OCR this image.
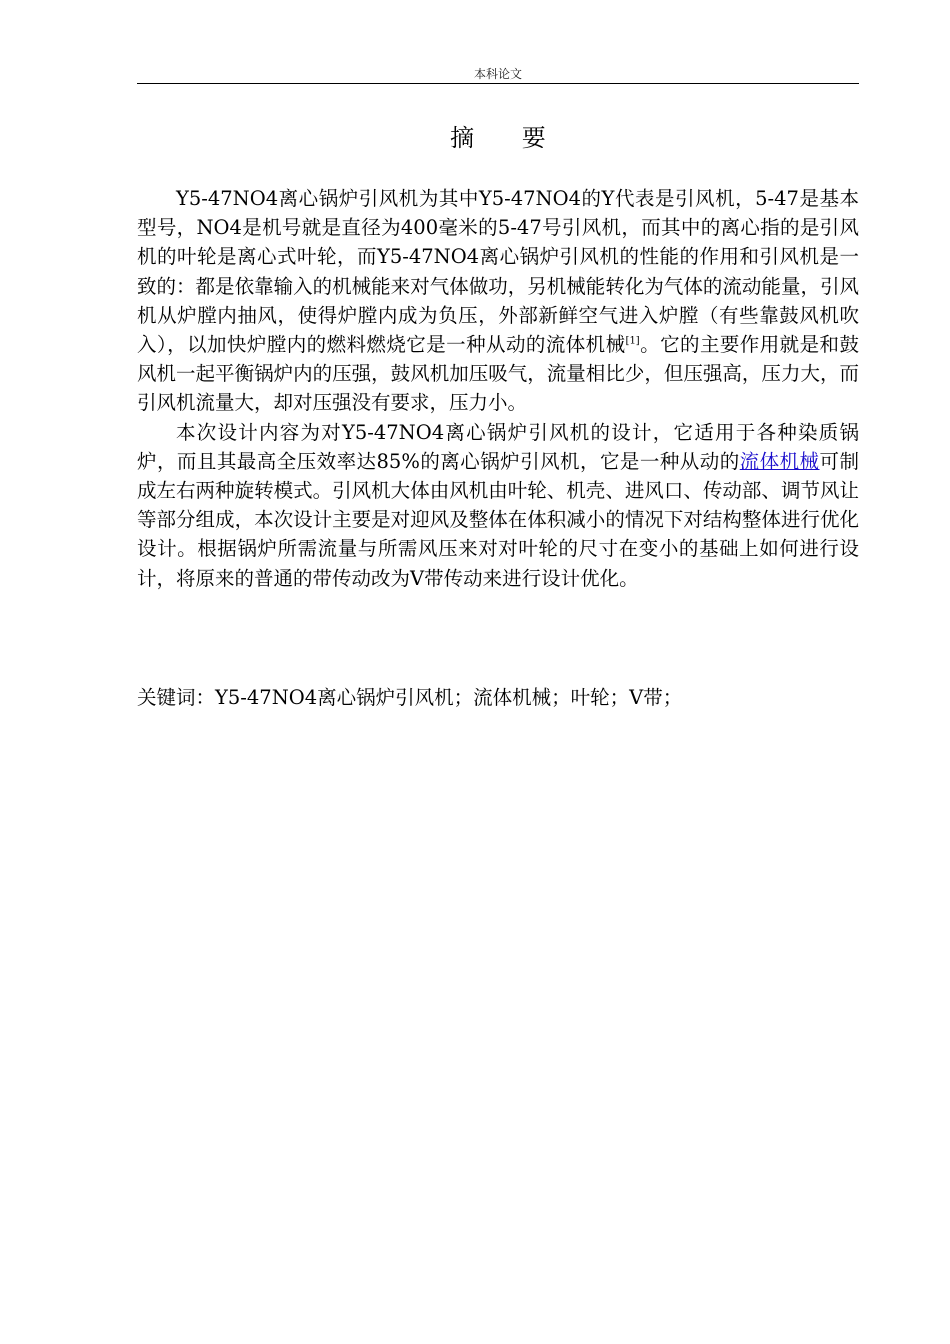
本科论文
摘 要

Y5-47NO4离心锅炉引风机为其中Y5-47NO4的Y代表是引风机，5-47是基本型号，NO4是机号就是直径为400毫米的5-47号引风机，而其中的离心指的是引风机的叶轮是离心式叶轮，而Y5-47NO4离心锅炉引风机的性能的作用和引风机是一致的：都是依靠输入的机械能来对气体做功，另机械能转化为气体的流动能量，引风机从炉膛内抽风，使得炉膛内成为负压，外部新鲜空气进入炉膛（有些靠鼓风机吹入），以加快炉膛内的燃料燃烧它是一种从动的流体机械[1]。它的主要作用就是和鼓风机一起平衡锅炉内的压强，鼓风机加压吸气，流量相比少，但压强高，压力大，而引风机流量大，却对压强没有要求，压力小。

本次设计内容为对Y5-47NO4离心锅炉引风机的设计，它适用于各种染质锅炉，而且其最高全压效率达85%的离心锅炉引风机，它是一种从动的流体机械可制成左右两种旋转模式。引风机大体由风机由叶轮、机壳、进风口、传动部、调节风让等部分组成，本次设计主要是对迎风及整体在体积减小的情况下对结构整体进行优化设计。根据锅炉所需流量与所需风压来对对叶轮的尺寸在变小的基础上如何进行设计，将原来的普通的带传动改为V带传动来进行设计优化。

关键词：Y5-47NO4离心锅炉引风机；流体机械；叶轮；V带；
